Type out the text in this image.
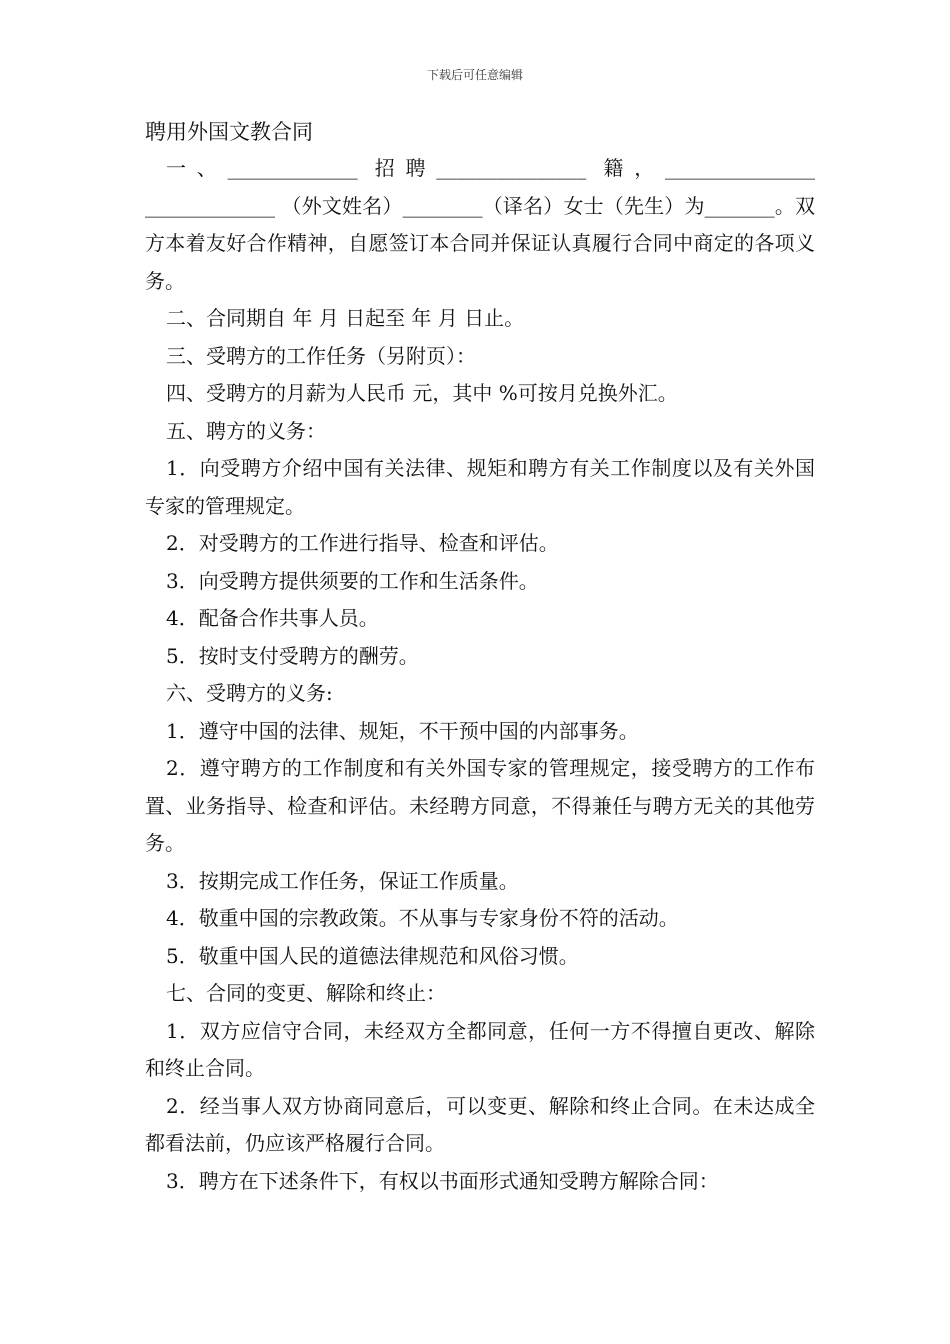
下载后可任意编辑

聘用外国文教合同

一、_____________ 招聘_______________ 籍，_______________ _____________ （外文姓名）________（译名）女士（先生）为_______。双方本着友好合作精神，自愿签订本合同并保证认真履行合同中商定的各项义务。

二、合同期自 年 月 日起至 年 月 日止。

三、受聘方的工作任务（另附页）：

四、受聘方的月薪为人民币 元，其中 %可按月兑换外汇。

五、聘方的义务：

1．向受聘方介绍中国有关法律、规矩和聘方有关工作制度以及有关外国专家的管理规定。

2．对受聘方的工作进行指导、检查和评估。

3．向受聘方提供须要的工作和生活条件。

4．配备合作共事人员。

5．按时支付受聘方的酬劳。

六、受聘方的义务:

1．遵守中国的法律、规矩，不干预中国的内部事务。

2．遵守聘方的工作制度和有关外国专家的管理规定，接受聘方的工作布置、业务指导、检查和评估。未经聘方同意，不得兼任与聘方无关的其他劳务。

3．按期完成工作任务，保证工作质量。

4．敬重中国的宗教政策。不从事与专家身份不符的活动。

5．敬重中国人民的道德法律规范和风俗习惯。

七、合同的变更、解除和终止：

1．双方应信守合同，未经双方全都同意，任何一方不得擅自更改、解除和终止合同。

2．经当事人双方协商同意后，可以变更、解除和终止合同。在未达成全都看法前，仍应该严格履行合同。

3．聘方在下述条件下，有权以书面形式通知受聘方解除合同：
